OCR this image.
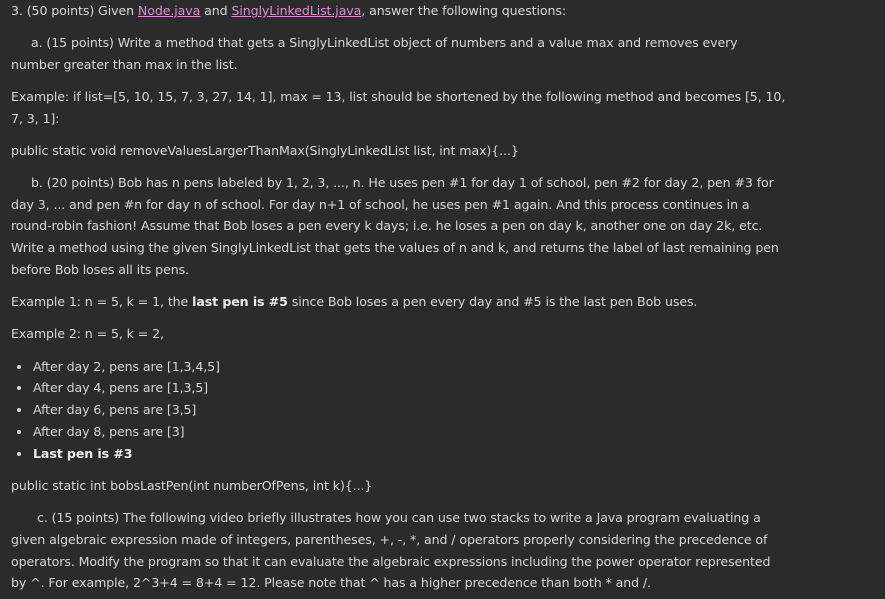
3. (50 points) Given Node.java and SinglyLinkedList.java, answer the following questions:
a. (15 points) Write a method that gets a SinglyLinkedList object of numbers and a value max and removes every
number greater than max in the list.
Example: if list=[5, 10, 15, 7, 3, 27, 14, 1], max = 13, list should be shortened by the following method and becomes [5, 10,
7, 3, 1]:
public static void removeValuesLargerThanMax(SinglyLinkedList list, int max){...}
b. (20 points) Bob has n pens labeled by 1, 2, 3, ..., n. He uses pen #1 for day 1 of school, pen #2 for day 2, pen #3 for
day 3, ... and pen #n for day n of school. For day n+1 of school, he uses pen #1 again. And this process continues in a
round-robin fashion! Assume that Bob loses a pen every k days; i.e. he loses a pen on day k, another one on day 2k, etc.
Write a method using the given SinglyLinkedList that gets the values of n and k, and returns the label of last remaining pen
before Bob loses all its pens.
Example 1: n = 5, k = 1, the last pen is #5 since Bob loses a pen every day and #5 is the last pen Bob uses.
Example 2: n = 5, k = 2,
After day 2, pens are [1,3,4,5]
After day 4, pens are [1,3,5]
After day 6, pens are [3,5]
After day 8, pens are [3]
Last pen is #3
public static int bobsLastPen(int numberOfPens, int k){...}
c. (15 points) The following video briefly illustrates how you can use two stacks to write a Java program evaluating a
given algebraic expression made of integers, parentheses, +, -, *, and / operators properly considering the precedence of
operators. Modify the program so that it can evaluate the algebraic expressions including the power operator represented
by ^. For example, 2^3+4 = 8+4 = 12. Please note that ^ has a higher precedence than both * and /.
